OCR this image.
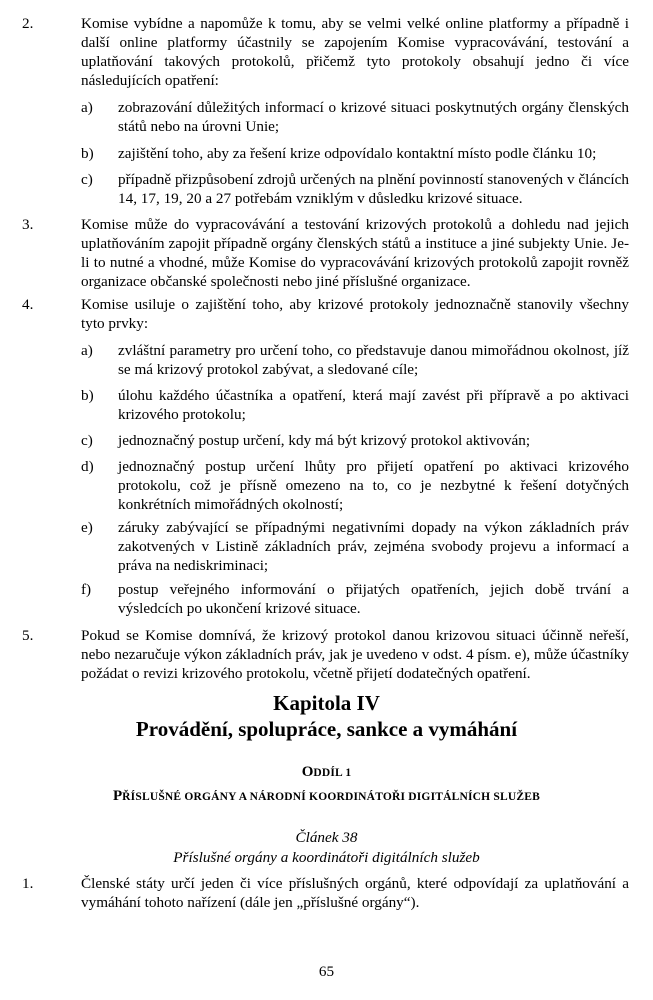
2.	Komise vybídne a napomůže k tomu, aby se velmi velké online platformy a případně i další online platformy účastnily se zapojením Komise vypracovávání, testování a uplatňování takových protokolů, přičemž tyto protokoly obsahují jedno či více následujících opatření:
a)	zobrazování důležitých informací o krizové situaci poskytnutých orgány členských států nebo na úrovni Unie;
b)	zajištění toho, aby za řešení krize odpovídalo kontaktní místo podle článku 10;
c)	případně přizpůsobení zdrojů určených na plnění povinností stanovených v článcích 14, 17, 19, 20 a 27 potřebám vzniklým v důsledku krizové situace.
3.	Komise může do vypracovávání a testování krizových protokolů a dohledu nad jejich uplatňováním zapojit případně orgány členských států a instituce a jiné subjekty Unie. Je-li to nutné a vhodné, může Komise do vypracovávání krizových protokolů zapojit rovněž organizace občanské společnosti nebo jiné příslušné organizace.
4.	Komise usiluje o zajištění toho, aby krizové protokoly jednoznačně stanovily všechny tyto prvky:
a)	zvláštní parametry pro určení toho, co představuje danou mimořádnou okolnost, jíž se má krizový protokol zabývat, a sledované cíle;
b)	úlohu každého účastníka a opatření, která mají zavést při přípravě a po aktivaci krizového protokolu;
c)	jednoznačný postup určení, kdy má být krizový protokol aktivován;
d)	jednoznačný postup určení lhůty pro přijetí opatření po aktivaci krizového protokolu, což je přísně omezeno na to, co je nezbytné k řešení dotyčných konkrétních mimořádných okolností;
e)	záruky zabývající se případnými negativními dopady na výkon základních práv zakotvených v Listině základních práv, zejména svobody projevu a informací a práva na nediskriminaci;
f)	postup veřejného informování o přijatých opatřeních, jejich době trvání a výsledcích po ukončení krizové situace.
5.	Pokud se Komise domnívá, že krizový protokol danou krizovou situaci účinně neřeší, nebo nezaručuje výkon základních práv, jak je uvedeno v odst. 4 písm. e), může účastníky požádat o revizi krizového protokolu, včetně přijetí dodatečných opatření.
Kapitola IV
Provádění, spolupráce, sankce a vymáhání
ODDÍL 1
PŘÍSLUŠNÉ ORGÁNY A NÁRODNÍ KOORDINÁTOŘI DIGITÁLNÍCH SLUŽEB
Článek 38
Příslušné orgány a koordinátoři digitálních služeb
1.	Členské státy určí jeden či více příslušných orgánů, které odpovídají za uplatňování a vymáhání tohoto nařízení (dále jen „příslušné orgány“).
65
